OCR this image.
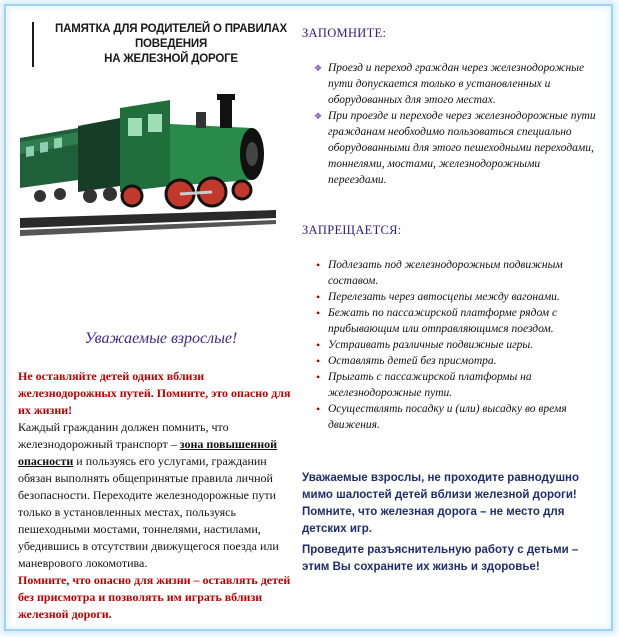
ПАМЯТКА ДЛЯ РОДИТЕЛЕЙ О ПРАВИЛАХ ПОВЕДЕНИЯ
НА ЖЕЛЕЗНОЙ ДОРОГЕ
ЗАПОМНИТЕ:
❖ Проезд и переход граждан через железнодорожные пути допускается только в установленных и оборудованных для этого местах.
❖ При проезде и переходе через железнодорожные пути гражданам необходимо пользоваться специально оборудованными для этого пешеходными переходами, тоннелями, мостами, железнодорожными переездами.
ЗАПРЕЩАЕТСЯ:
• Подлезать под железнодорожным подвижным составом.
• Перелезать через автосцепы между вагонами.
• Бежать по пассажирской платформе рядом с прибывающим или отправляющимся поездом.
• Устраивать различные подвижные игры.
• Оставлять детей без присмотра.
• Прыгать с пассажирской платформы на железнодорожные пути.
• Осуществлять посадку и (или) высадку во время движения.
Уважаемые взрослые!
Не оставляйте детей одних вблизи железнодорожных путей. Помните, это опасно для их жизни!
Каждый гражданин должен помнить, что железнодорожный транспорт – зона повышенной опасности и пользуясь его услугами, гражданин обязан выполнять общепринятые правила личной безопасности. Переходите железнодорожные пути только в установленных местах, пользуясь пешеходными мостами, тоннелями, настилами, убедившись в отсутствии движущегося поезда или маневрового локомотива.
Помните, что опасно для жизни – оставлять детей без присмотра и позволять им играть вблизи железной дороги.
Уважаемые взрослы, не проходите равнодушно мимо шалостей детей вблизи железной дороги! Помните, что железная дорога – не место для детских игр.
Проведите разъяснительную работу с детьми – этим Вы сохраните их жизнь и здоровье!
